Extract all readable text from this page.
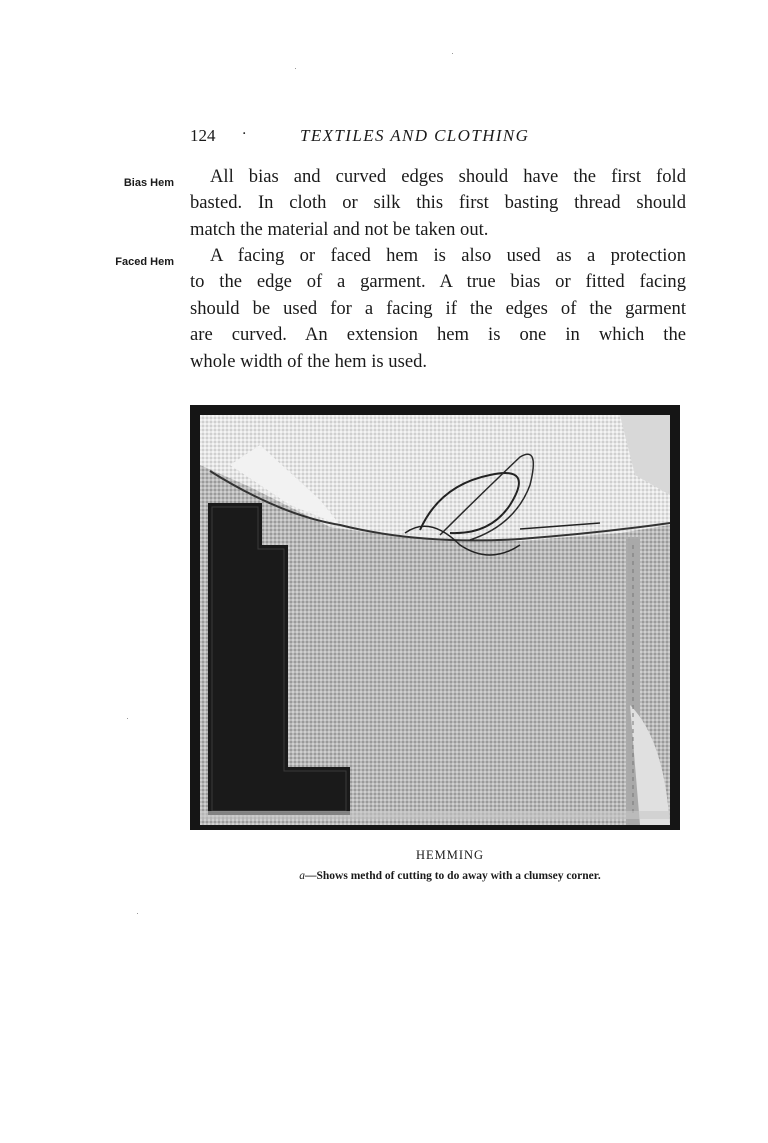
124 ·	TEXTILES AND CLOTHING
Bias Hem
Faced Hem

All bias and curved edges should have the first fold
basted. In cloth or silk this first basting thread should
match the material and not be taken out.

A facing or faced hem is also used as a protection
to the edge of a garment. A true bias or fitted facing
should be used for a facing if the edges of the garment
are curved. An extension hem is one in which the
whole width of the hem is used.

HEMMING
a—Shows methd of cutting to do away with a clumsey corner.
